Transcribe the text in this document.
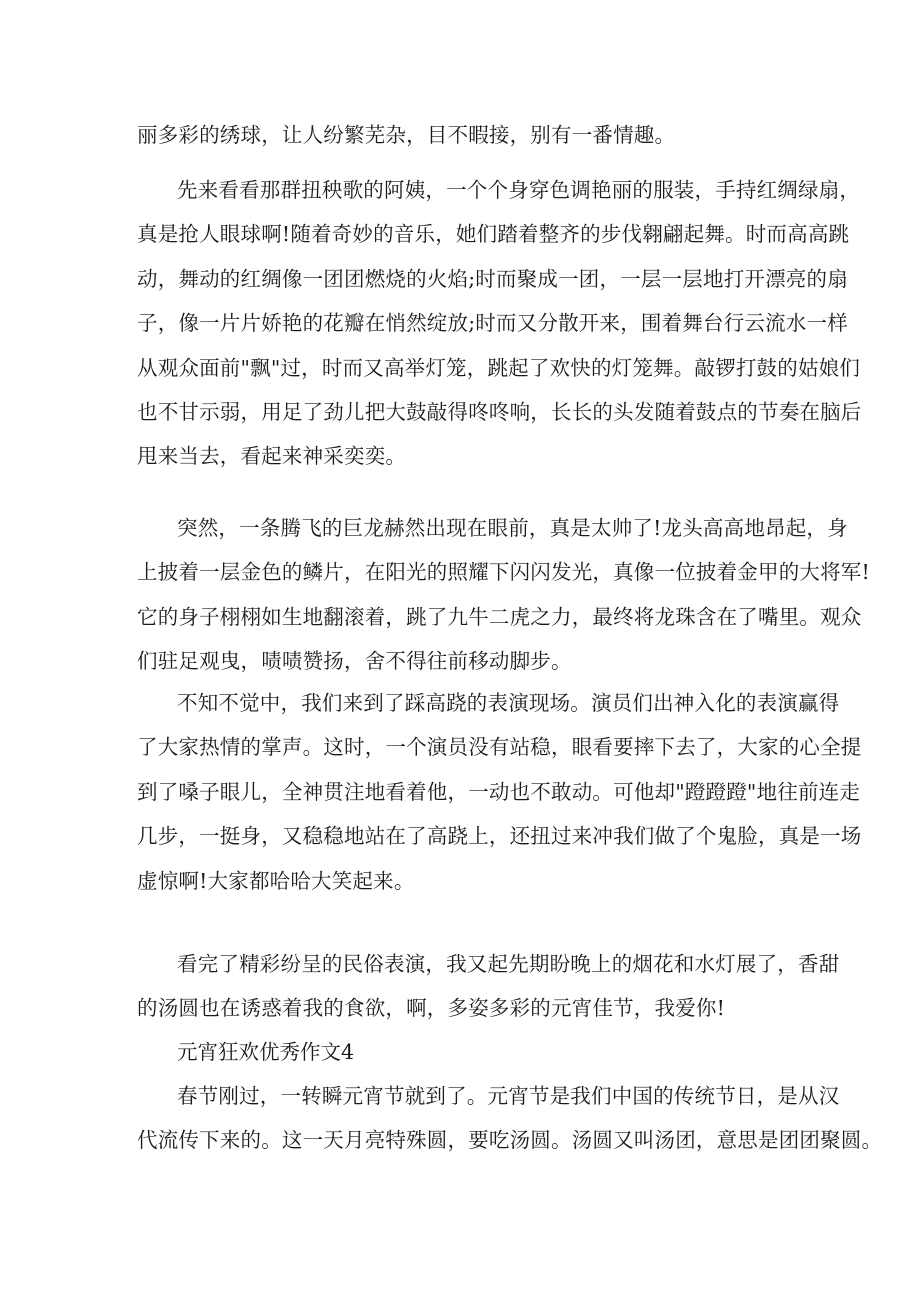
丽多彩的绣球，让人纷繁芜杂，目不暇接，别有一番情趣。
先来看看那群扭秧歌的阿姨，一个个身穿色调艳丽的服装，手持红绸绿扇，
真是抢人眼球啊!随着奇妙的音乐，她们踏着整齐的步伐翱翩起舞。时而高高跳
动，舞动的红绸像一团团燃烧的火焰;时而聚成一团，一层一层地打开漂亮的扇
子，像一片片娇艳的花瓣在悄然绽放;时而又分散开来，围着舞台行云流水一样
从观众面前"飘"过，时而又高举灯笼，跳起了欢快的灯笼舞。敲锣打鼓的姑娘们
也不甘示弱，用足了劲儿把大鼓敲得咚咚响，长长的头发随着鼓点的节奏在脑后
甩来当去，看起来神采奕奕。
突然，一条腾飞的巨龙赫然出现在眼前，真是太帅了!龙头高高地昂起，身
上披着一层金色的鳞片，在阳光的照耀下闪闪发光，真像一位披着金甲的大将军!
它的身子栩栩如生地翻滚着，跳了九牛二虎之力，最终将龙珠含在了嘴里。观众
们驻足观曳，啧啧赞扬，舍不得往前移动脚步。
不知不觉中，我们来到了踩高跷的表演现场。演员们出神入化的表演赢得
了大家热情的掌声。这时，一个演员没有站稳，眼看要摔下去了，大家的心全提
到了嗓子眼儿，全神贯注地看着他，一动也不敢动。可他却"蹬蹬蹬"地往前连走
几步，一挺身，又稳稳地站在了高跷上，还扭过来冲我们做了个鬼脸，真是一场
虚惊啊!大家都哈哈大笑起来。
看完了精彩纷呈的民俗表演，我又起先期盼晚上的烟花和水灯展了，香甜
的汤圆也在诱惑着我的食欲，啊，多姿多彩的元宵佳节，我爱你!
元宵狂欢优秀作文4
春节刚过，一转瞬元宵节就到了。元宵节是我们中国的传统节日，是从汉
代流传下来的。这一天月亮特殊圆，要吃汤圆。汤圆又叫汤团，意思是团团聚圆。
